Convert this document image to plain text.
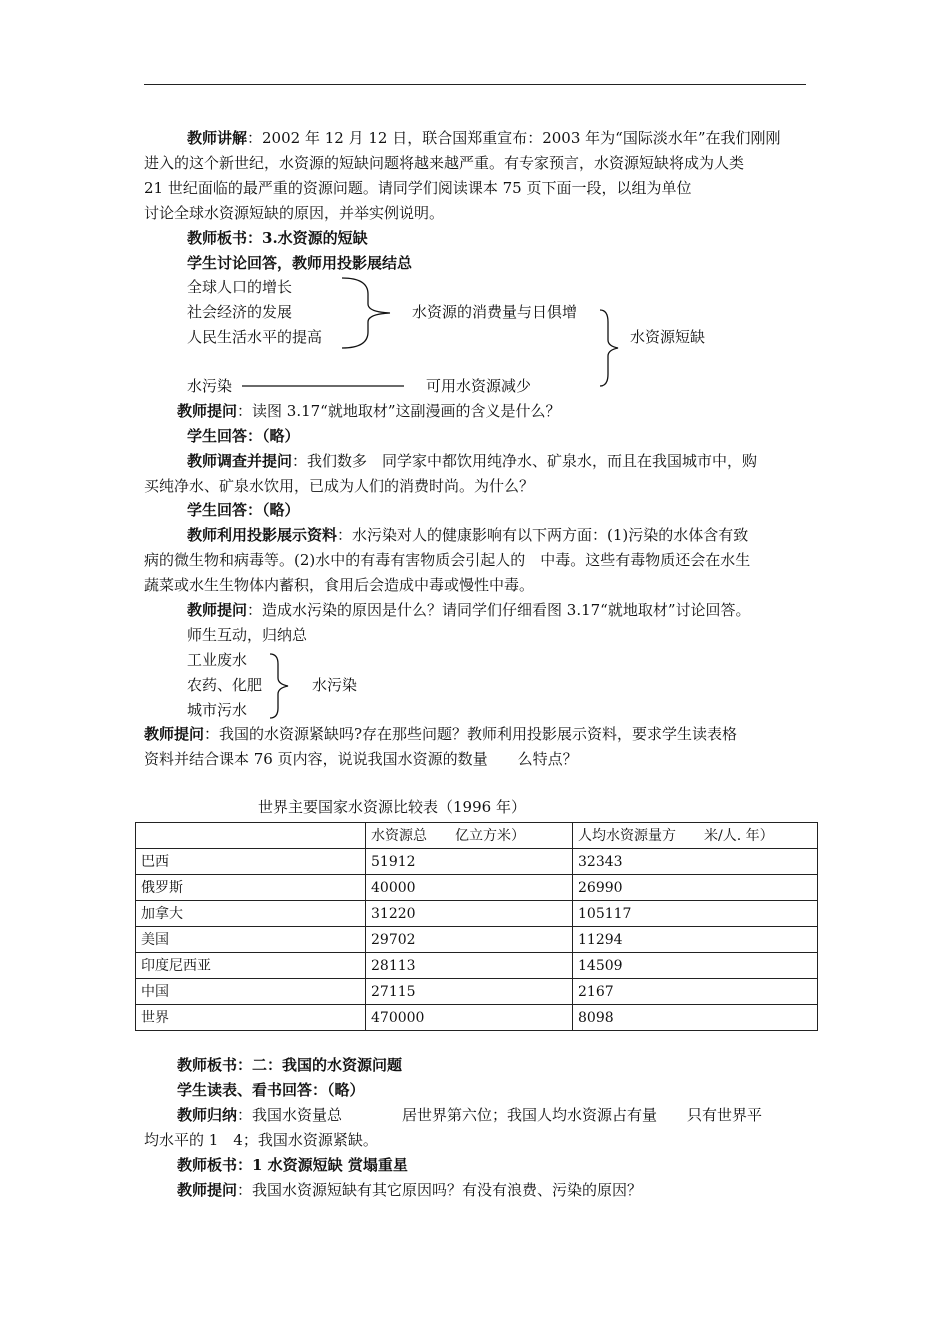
教师讲解：2002 年 12 月 12 日，联合国郑重宣布：2003 年为“国际淡水年”在我们刚刚
进入的这个新世纪，水资源的短缺问题将越来越严重。有专家预言，水资源短缺将成为人类
21 世纪面临的最严重的资源问题。请同学们阅读课本 75 页下面一段，以组为单位
讨论全球水资源短缺的原因，并举实例说明。
教师板书：3.水资源的短缺
学生讨论回答，教师用投影展结总
全球人口的增长
社会经济的发展
人民生活水平的提高
水资源的消费量与日俱增
水污染	可用水资源减少
水资源短缺
教师提问：读图 3.17“就地取材”这副漫画的含义是什么？
学生回答：（略）
教师调查并提问：我们数多　同学家中都饮用纯净水、矿泉水，而且在我国城市中，购
买纯净水、矿泉水饮用，已成为人们的消费时尚。为什么？
学生回答：（略）
教师利用投影展示资料：水污染对人的健康影响有以下两方面：(1)污染的水体含有致
病的微生物和病毒等。(2)水中的有毒有害物质会引起人的　中毒。这些有毒物质还会在水生
蔬菜或水生生物体内蓄积，食用后会造成中毒或慢性中毒。
教师提问：造成水污染的原因是什么？请同学们仔细看图 3.17“就地取材”讨论回答。
师生互动，归纳总
工业废水
农药、化肥
城市污水
水污染
教师提问：我国的水资源紧缺吗?存在那些问题？教师利用投影展示资料，要求学生读表格
资料并结合课本 76 页内容，说说我国水资源的数量　　么特点？
世界主要国家水资源比较表（1996 年）
	水资源总　　亿立方米）	人均水资源量方　　米/人. 年）
巴西	51912	32343
俄罗斯	40000	26990
加拿大	31220	105117
美国	29702	11294
印度尼西亚	28113	14509
中国	27115	2167
世界	470000	8098
教师板书：二：我国的水资源问题
学生读表、看书回答：（略）
教师归纳：我国水资量总　　　　居世界第六位；我国人均水资源占有量　　只有世界平
均水平的 1　4；我国水资源紧缺。
教师板书：1 水资源短缺 赏塌重星
教师提问：我国水资源短缺有其它原因吗？有没有浪费、污染的原因？
